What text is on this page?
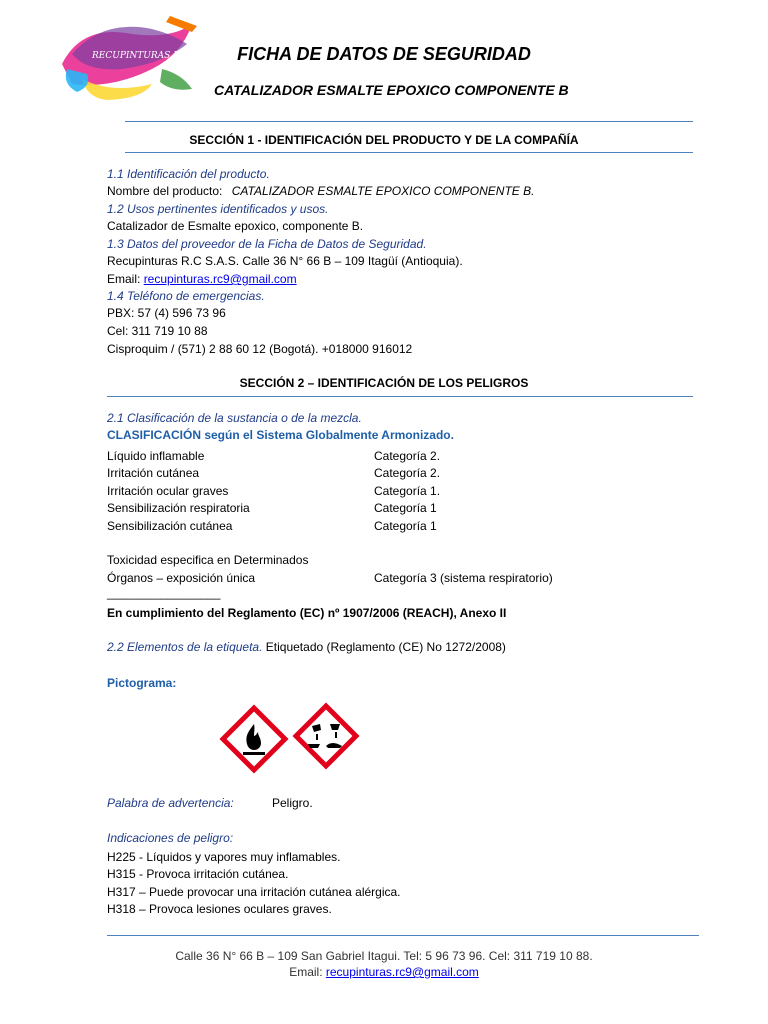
RECUPINTURAS R.C.S.A.S.	FICHA DE DATOS DE SEGURIDAD
CATALIZADOR ESMALTE EPOXICO COMPONENTE B
SECCIÓN 1 - IDENTIFICACIÓN DEL PRODUCTO Y DE LA COMPAÑÍA
1.1 Identificación del producto.
Nombre del producto: CATALIZADOR ESMALTE EPOXICO COMPONENTE B.
1.2 Usos pertinentes identificados y usos.
Catalizador de Esmalte epoxico, componente B.
1.3 Datos del proveedor de la Ficha de Datos de Seguridad.
Recupinturas R.C S.A.S. Calle 36 N° 66 B – 109 Itagüí (Antioquia).
Email: recupinturas.rc9@gmail.com
1.4 Teléfono de emergencias.
PBX: 57 (4) 596 73 96
Cel: 311 719 10 88
Cisproquim / (571) 2 88 60 12 (Bogotá). +018000 916012
SECCIÓN 2 – IDENTIFICACIÓN DE LOS PELIGROS
2.1 Clasificación de la sustancia o de la mezcla.
CLASIFICACIÓN según el Sistema Globalmente Armonizado.
Líquido inflamable	Categoría 2.
Irritación cutánea	Categoría 2.
Irritación ocular graves	Categoría 1.
Sensibilización respiratoria	Categoría 1
Sensibilización cutánea	Categoría 1
Toxicidad especifica en Determinados
Órganos – exposición única	Categoría 3 (sistema respiratorio)
_________________
En cumplimiento del Reglamento (EC) nº 1907/2006 (REACH), Anexo II
2.2 Elementos de la etiqueta. Etiquetado (Reglamento (CE) No 1272/2008)
Pictograma:
Palabra de advertencia:	Peligro.
Indicaciones de peligro:
H225 - Líquidos y vapores muy inflamables.
H315 - Provoca irritación cutánea.
H317 – Puede provocar una irritación cutánea alérgica.
H318 – Provoca lesiones oculares graves.
Calle 36 N° 66 B – 109 San Gabriel Itagui. Tel: 5 96 73 96. Cel: 311 719 10 88.
Email: recupinturas.rc9@gmail.com
